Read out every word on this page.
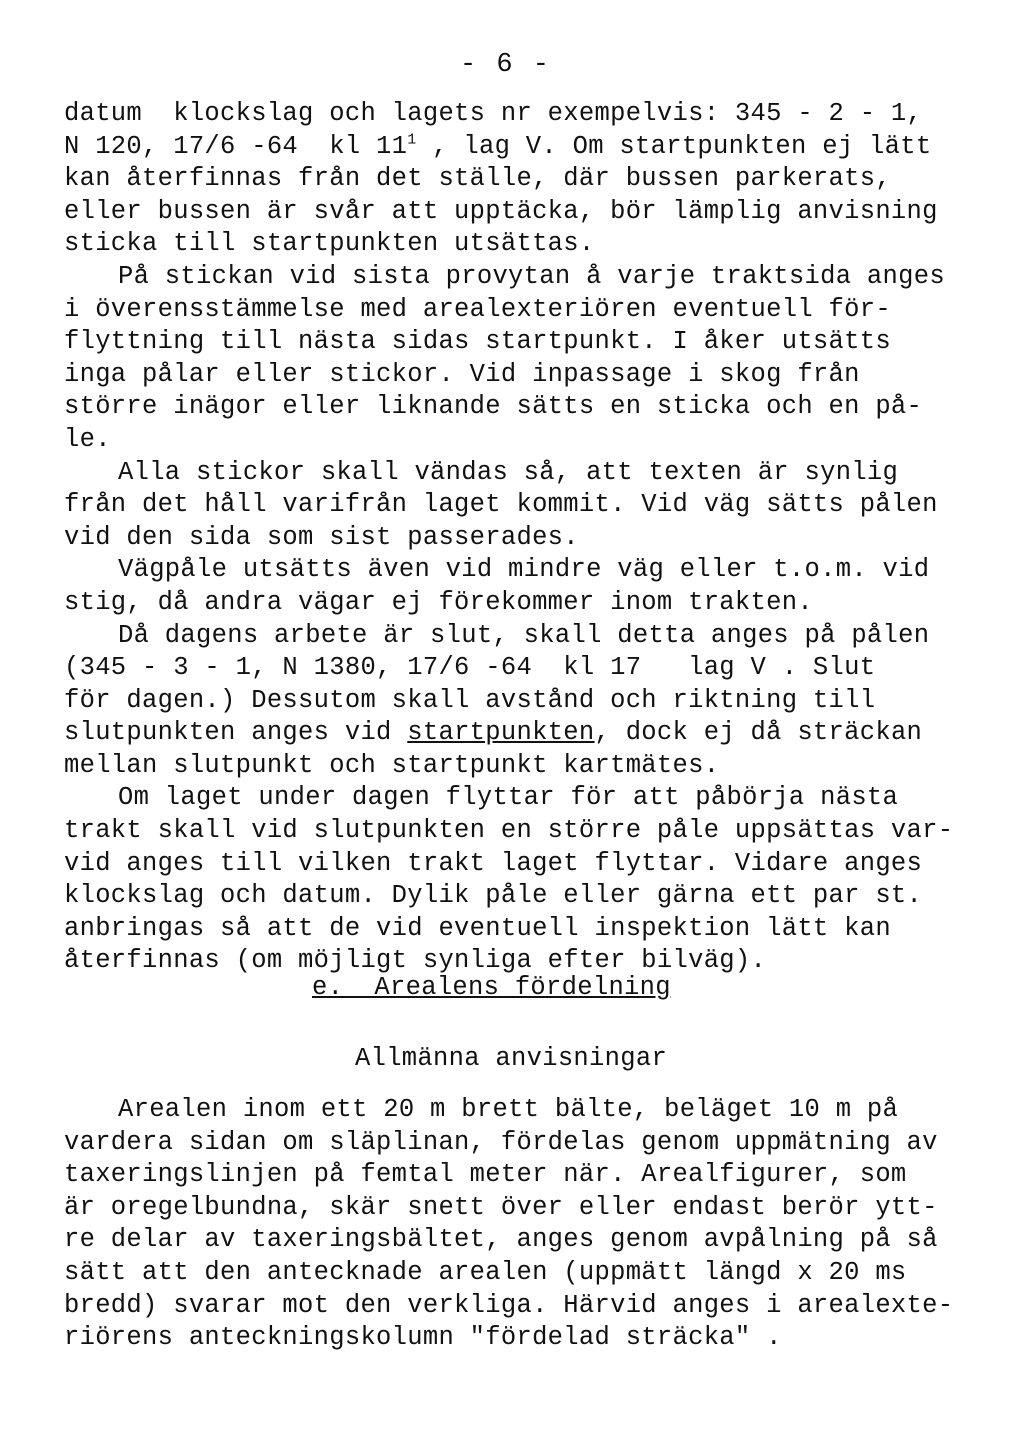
- 6 -
datum  klockslag och lagets nr exempelvis: 345 - 2 - 1,
N 120, 17/6 -64  kl $11^1$ , lag V. Om startpunkten ej lätt
kan återfinnas från det ställe, där bussen parkerats,
eller bussen är svår att upptäcka, bör lämplig anvisning
sticka till startpunkten utsättas.
På stickan vid sista provytan å varje traktsida anges
i överensstämmelse med arealexteriören eventuell för-
flyttning till nästa sidas startpunkt. I åker utsätts
inga pålar eller stickor. Vid inpassage i skog från
större inägor eller liknande sätts en sticka och en på-
le.
Alla stickor skall vändas så, att texten är synlig
från det håll varifrån laget kommit. Vid väg sätts pålen
vid den sida som sist passerades.
Vägpåle utsätts även vid mindre väg eller t.o.m. vid
stig, då andra vägar ej förekommer inom trakten.
Då dagens arbete är slut, skall detta anges på pålen
(345 - 3 - 1, N 1380, 17/6 -64  kl 17   lag V . Slut
för dagen.) Dessutom skall avstånd och riktning till
slutpunkten anges vid startpunkten, dock ej då sträckan
mellan slutpunkt och startpunkt kartmätes.
Om laget under dagen flyttar för att påbörja nästa
trakt skall vid slutpunkten en större påle uppsättas var-
vid anges till vilken trakt laget flyttar. Vidare anges
klockslag och datum. Dylik påle eller gärna ett par st.
anbringas så att de vid eventuell inspektion lätt kan
återfinnas (om möjligt synliga efter bilväg).
e.  Arealens fördelning
Allmänna anvisningar
Arealen inom ett 20 m brett bälte, beläget 10 m på
vardera sidan om släplinan, fördelas genom uppmätning av
taxeringslinjen på femtal meter när. Arealfigurer, som
är oregelbundna, skär snett över eller endast berör ytt-
re delar av taxeringsbältet, anges genom avpålning på så
sätt att den antecknade arealen (uppmätt längd x 20 ms
bredd) svarar mot den verkliga. Härvid anges i arealexte-
riörens anteckningskolumn "fördelad sträcka" .
